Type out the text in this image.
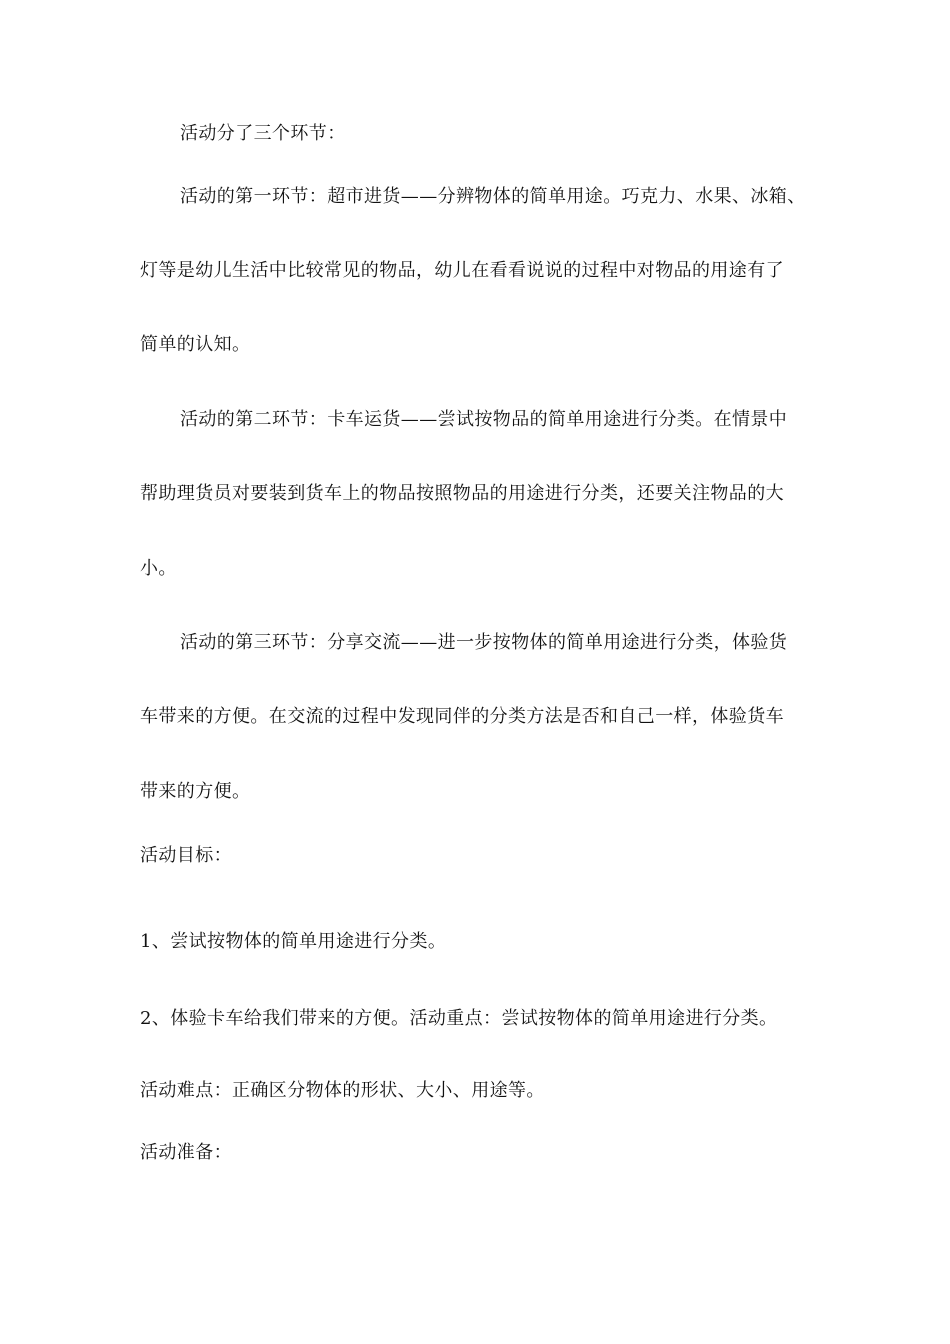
活动分了三个环节：
活动的第一环节：超市进货——分辨物体的简单用途。巧克力、水果、冰箱、
灯等是幼儿生活中比较常见的物品，幼儿在看看说说的过程中对物品的用途有了
简单的认知。
活动的第二环节：卡车运货——尝试按物品的简单用途进行分类。在情景中
帮助理货员对要装到货车上的物品按照物品的用途进行分类，还要关注物品的大
小。
活动的第三环节：分享交流——进一步按物体的简单用途进行分类，体验货
车带来的方便。在交流的过程中发现同伴的分类方法是否和自己一样，体验货车
带来的方便。
活动目标：
1、尝试按物体的简单用途进行分类。
2、体验卡车给我们带来的方便。活动重点：尝试按物体的简单用途进行分类。
活动难点：正确区分物体的形状、大小、用途等。
活动准备：
